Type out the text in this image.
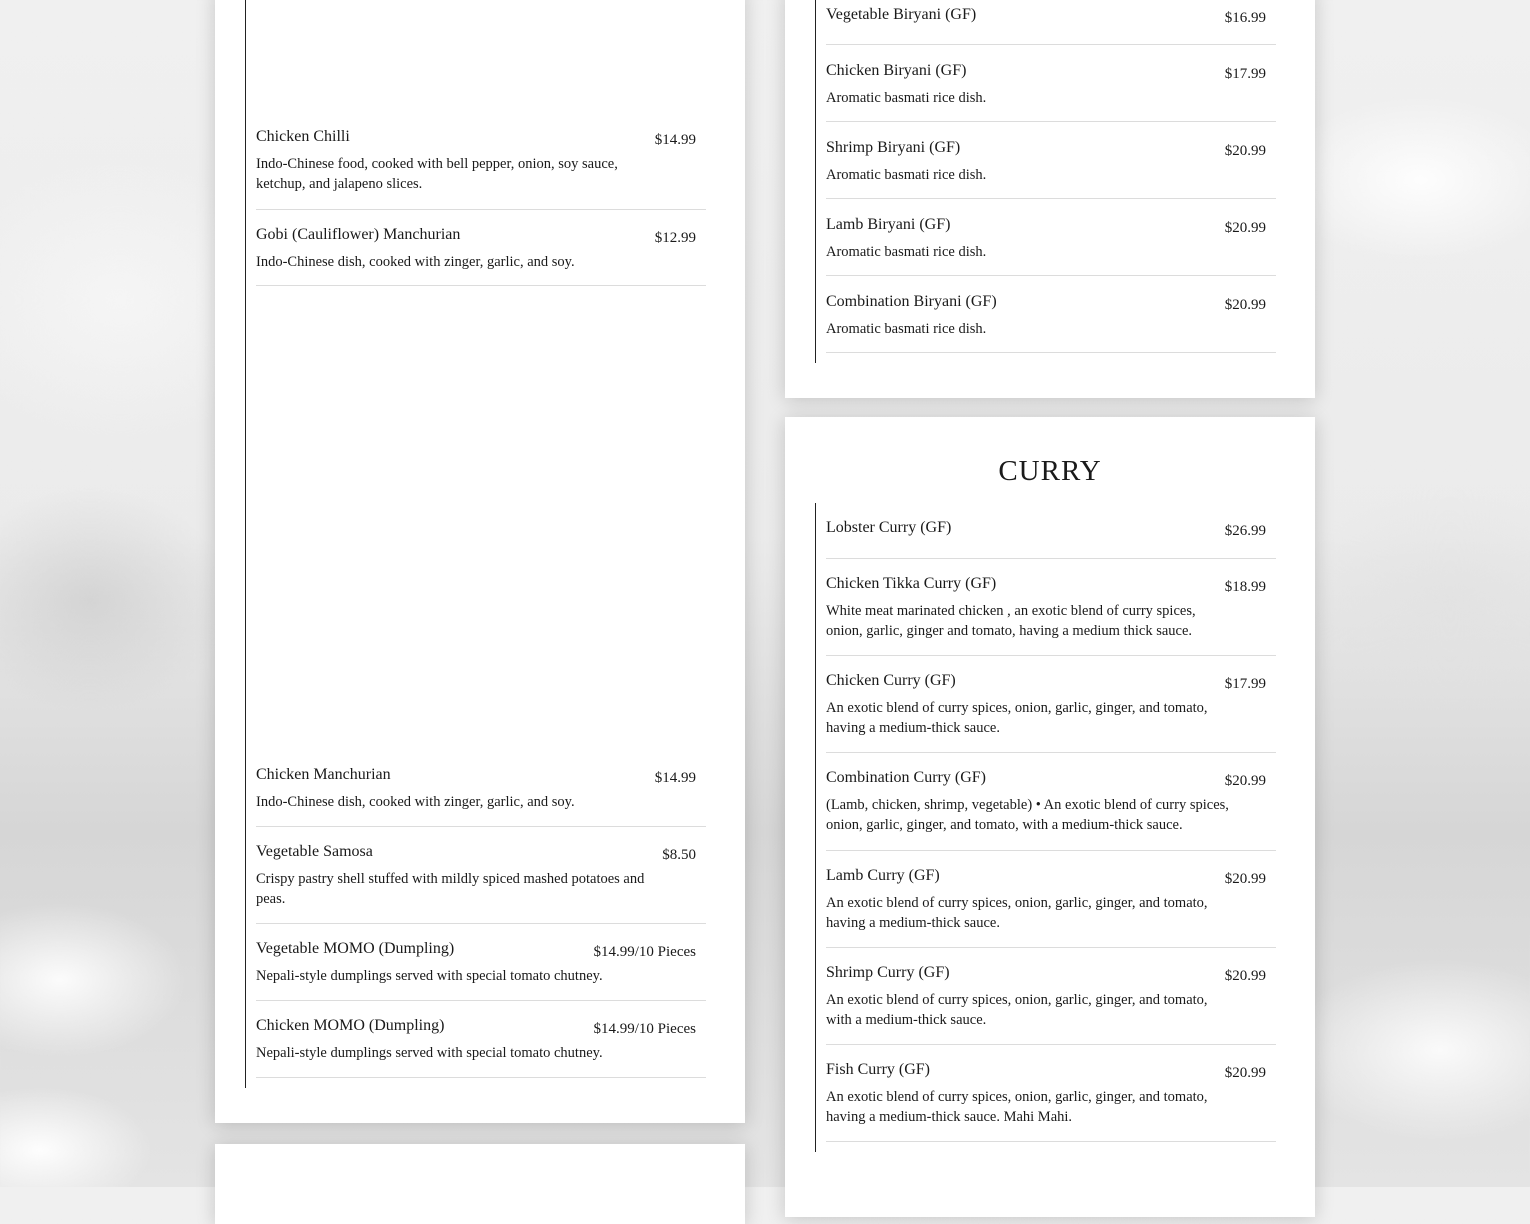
Chicken Chilli	$14.99
Indo-Chinese food, cooked with bell pepper, onion, soy sauce, ketchup, and jalapeno slices.
Gobi (Cauliflower) Manchurian	$12.99
Indo-Chinese dish, cooked with zinger, garlic, and soy.
Chicken Manchurian	$14.99
Indo-Chinese dish, cooked with zinger, garlic, and soy.
Vegetable Samosa	$8.50
Crispy pastry shell stuffed with mildly spiced mashed potatoes and peas.
Vegetable MOMO (Dumpling)	$14.99/10 Pieces
Nepali-style dumplings served with special tomato chutney.
Chicken MOMO (Dumpling)	$14.99/10 Pieces
Nepali-style dumplings served with special tomato chutney.
Vegetable Biryani (GF)	$16.99
Chicken Biryani (GF)	$17.99
Aromatic basmati rice dish.
Shrimp Biryani (GF)	$20.99
Aromatic basmati rice dish.
Lamb Biryani (GF)	$20.99
Aromatic basmati rice dish.
Combination Biryani (GF)	$20.99
Aromatic basmati rice dish.
CURRY
Lobster Curry (GF)	$26.99
Chicken Tikka Curry (GF)	$18.99
White meat marinated chicken , an exotic blend of curry spices, onion, garlic, ginger and tomato, having a medium thick sauce.
Chicken Curry (GF)	$17.99
An exotic blend of curry spices, onion, garlic, ginger, and tomato, having a medium-thick sauce.
Combination Curry (GF)	$20.99
(Lamb, chicken, shrimp, vegetable) • An exotic blend of curry spices, onion, garlic, ginger, and tomato, with a medium-thick sauce.
Lamb Curry (GF)	$20.99
An exotic blend of curry spices, onion, garlic, ginger, and tomato, having a medium-thick sauce.
Shrimp Curry (GF)	$20.99
An exotic blend of curry spices, onion, garlic, ginger, and tomato, with a medium-thick sauce.
Fish Curry (GF)	$20.99
An exotic blend of curry spices, onion, garlic, ginger, and tomato, having a medium-thick sauce. Mahi Mahi.
